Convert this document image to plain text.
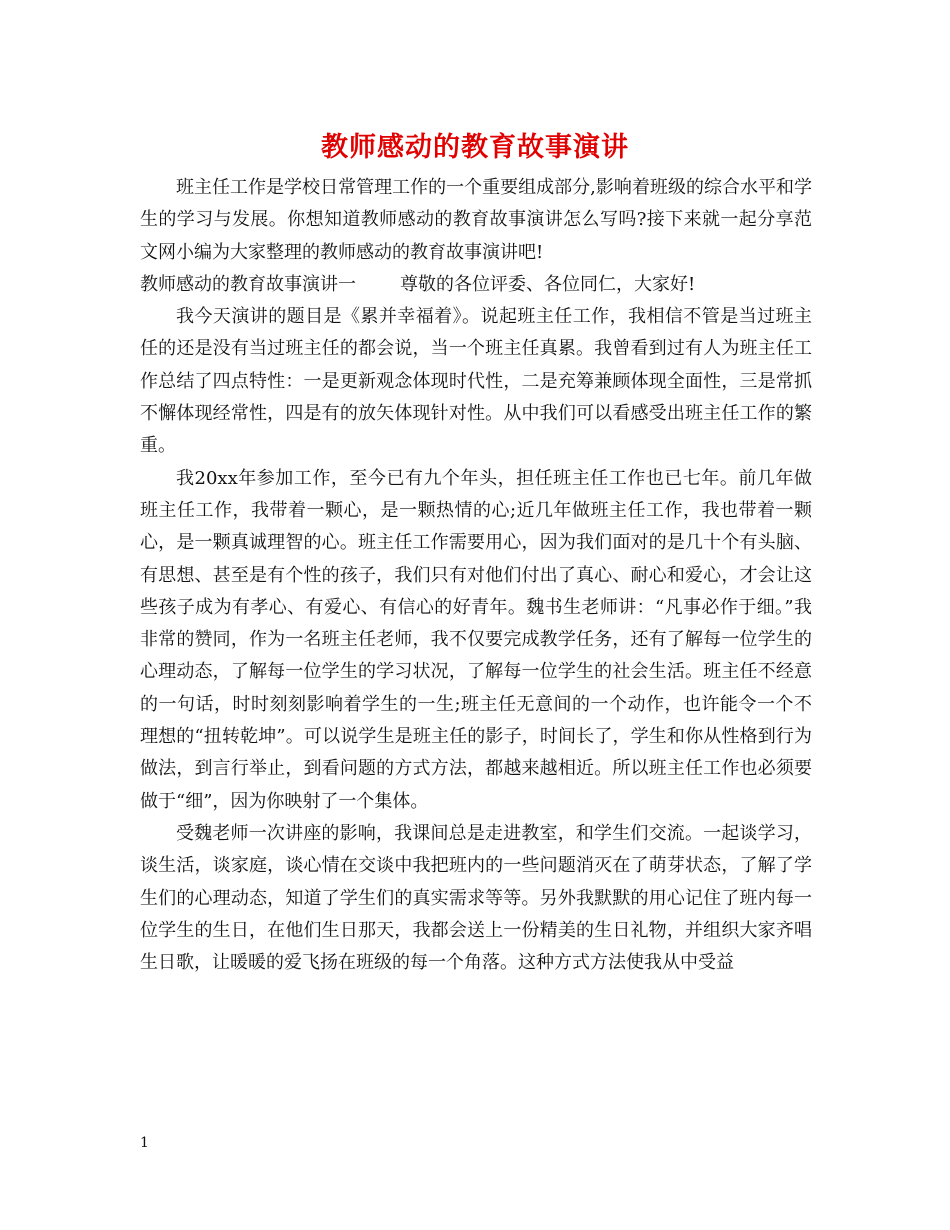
教师感动的教育故事演讲

班主任工作是学校日常管理工作的一个重要组成部分,影响着班级的综合水平和学生的学习与发展。你想知道教师感动的教育故事演讲怎么写吗?接下来就一起分享范文网小编为大家整理的教师感动的教育故事演讲吧!

教师感动的教育故事演讲一 尊敬的各位评委、各位同仁，大家好!

我今天演讲的题目是《累并幸福着》。说起班主任工作，我相信不管是当过班主任的还是没有当过班主任的都会说，当一个班主任真累。我曾看到过有人为班主任工作总结了四点特性：一是更新观念体现时代性，二是充筹兼顾体现全面性，三是常抓不懈体现经常性，四是有的放矢体现针对性。从中我们可以看感受出班主任工作的繁重。

我20xx年参加工作，至今已有九个年头，担任班主任工作也已七年。前几年做班主任工作，我带着一颗心，是一颗热情的心;近几年做班主任工作，我也带着一颗心，是一颗真诚理智的心。班主任工作需要用心，因为我们面对的是几十个有头脑、有思想、甚至是有个性的孩子，我们只有对他们付出了真心、耐心和爱心，才会让这些孩子成为有孝心、有爱心、有信心的好青年。魏书生老师讲：“凡事必作于细。”我非常的赞同，作为一名班主任老师，我不仅要完成教学任务，还有了解每一位学生的心理动态，了解每一位学生的学习状况，了解每一位学生的社会生活。班主任不经意的一句话，时时刻刻影响着学生的一生;班主任无意间的一个动作，也许能令一个不理想的“扭转乾坤”。可以说学生是班主任的影子，时间长了，学生和你从性格到行为做法，到言行举止，到看问题的方式方法，都越来越相近。所以班主任工作也必须要做于“细”，因为你映射了一个集体。

受魏老师一次讲座的影响，我课间总是走进教室，和学生们交流。一起谈学习，谈生活，谈家庭，谈心情在交谈中我把班内的一些问题消灭在了萌芽状态，了解了学生们的心理动态，知道了学生们的真实需求等等。另外我默默的用心记住了班内每一位学生的生日，在他们生日那天，我都会送上一份精美的生日礼物，并组织大家齐唱生日歌，让暖暖的爱飞扬在班级的每一个角落。这种方式方法使我从中受益

1
